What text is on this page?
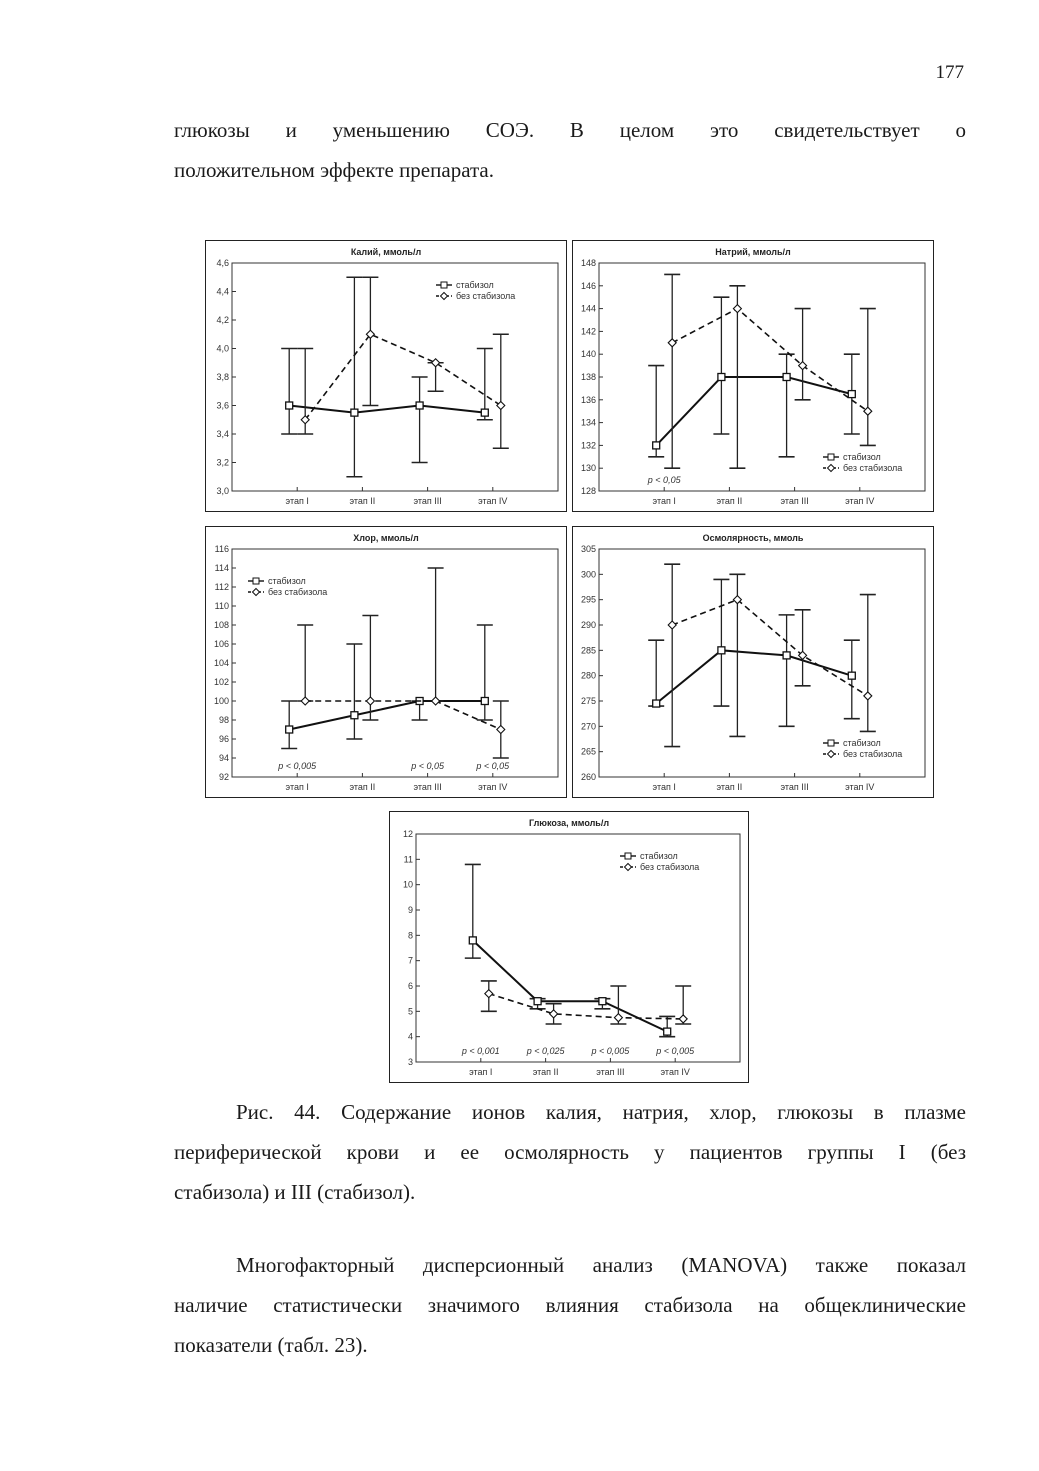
177
глюкозы и уменьшению СОЭ. В целом это свидетельствует о
положительном эффекте препарата.
Калий, ммоль/л
3,0
3,2
3,4
3,6
3,8
4,0
4,2
4,4
4,6
этап I	этап II	этап III	этап IV
стабизол
без стабизола
Натрий, ммоль/л
128
130
132
134
136
138
140
142
144
146
148
этап I	этап II	этап III	этап IV
стабизол
без стабизола
p < 0,05
Хлор, ммоль/л
92
94
96
98
100
102
104
106
108
110
112
114
116
этап I	этап II	этап III	этап IV
стабизол
без стабизола
p < 0,005	p < 0,05	p < 0,05
Осмолярность, ммоль
260
265
270
275
280
285
290
295
300
305
этап I	этап II	этап III	этап IV
стабизол
без стабизола
Глюкоза, ммоль/л
3
4
5
6
7
8
9
10
11
12
этап I	этап II	этап III	этап IV
стабизол
без стабизола
p < 0,001	p < 0,025	p < 0,005	p < 0,005
Рис. 44. Содержание ионов калия, натрия, хлор, глюкозы в плазме
периферической крови и ее осмолярность у пациентов группы I (без
стабизола) и III (стабизол).
Многофакторный дисперсионный анализ (MANOVA) также показал
наличие статистически значимого влияния стабизола на общеклинические
показатели (табл. 23).
